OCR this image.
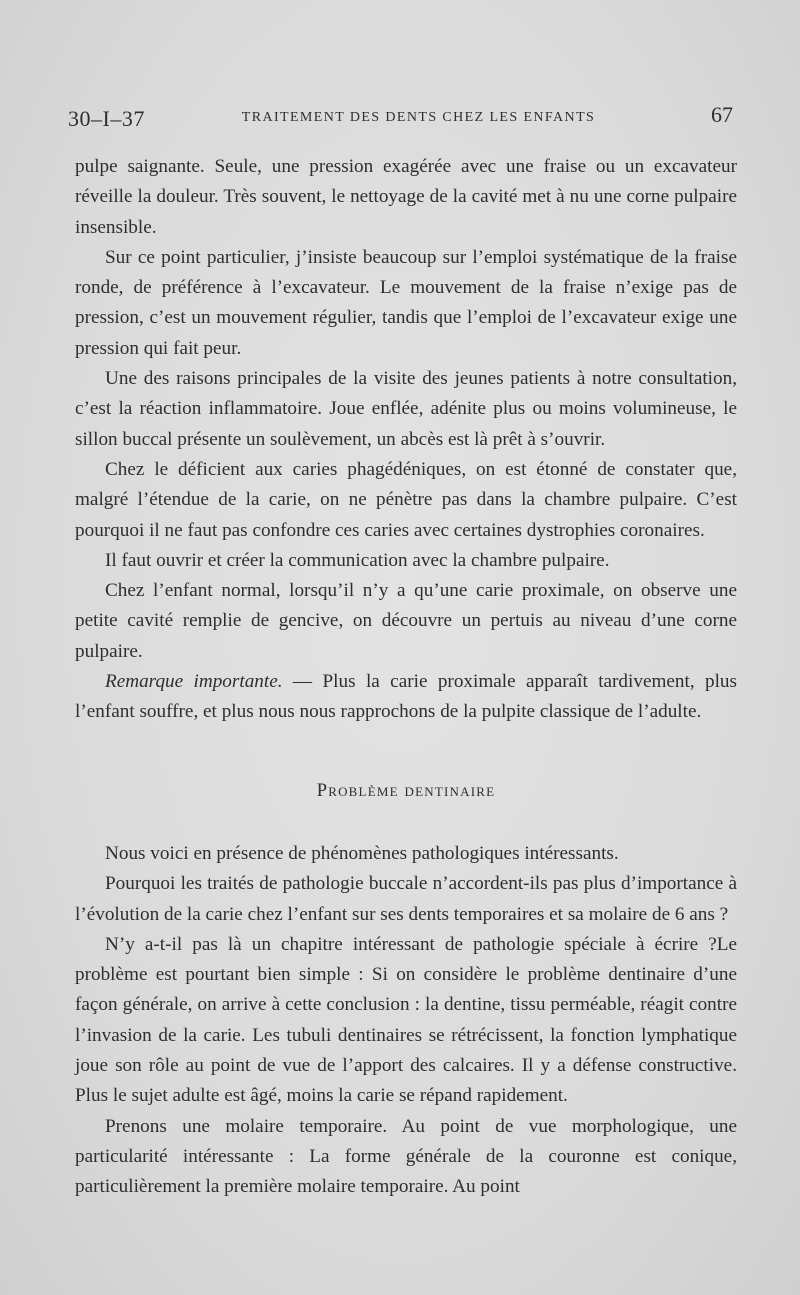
30–I–37	TRAITEMENT DES DENTS CHEZ LES ENFANTS	67

pulpe saignante. Seule, une pression exagérée avec une fraise ou un excavateur réveille la douleur. Très souvent, le nettoyage de la cavité met à nu une corne pulpaire insensible.

Sur ce point particulier, j’insiste beaucoup sur l’emploi systématique de la fraise ronde, de préférence à l’excavateur. Le mouvement de la fraise n’exige pas de pression, c’est un mouvement régulier, tandis que l’emploi de l’excavateur exige une pression qui fait peur.

Une des raisons principales de la visite des jeunes patients à notre consultation, c’est la réaction inflammatoire. Joue enflée, adénite plus ou moins volumineuse, le sillon buccal présente un soulèvement, un abcès est là prêt à s’ouvrir.

Chez le déficient aux caries phagédéniques, on est étonné de constater que, malgré l’étendue de la carie, on ne pénètre pas dans la chambre pulpaire. C’est pourquoi il ne faut pas confondre ces caries avec certaines dystrophies coronaires.

Il faut ouvrir et créer la communication avec la chambre pulpaire.

Chez l’enfant normal, lorsqu’il n’y a qu’une carie proximale, on observe une petite cavité remplie de gencive, on découvre un pertuis au niveau d’une corne pulpaire.

Remarque importante. — Plus la carie proximale apparaît tardivement, plus l’enfant souffre, et plus nous nous rapprochons de la pulpite classique de l’adulte.

Problème dentinaire

Nous voici en présence de phénomènes pathologiques intéressants.

Pourquoi les traités de pathologie buccale n’accordent-ils pas plus d’importance à l’évolution de la carie chez l’enfant sur ses dents temporaires et sa molaire de 6 ans ?

N’y a-t-il pas là un chapitre intéressant de pathologie spéciale à écrire ?Le problème est pourtant bien simple : Si on considère le problème dentinaire d’une façon générale, on arrive à cette conclusion : la dentine, tissu perméable, réagit contre l’invasion de la carie. Les tubuli dentinaires se rétrécissent, la fonction lymphatique joue son rôle au point de vue de l’apport des calcaires. Il y a défense constructive. Plus le sujet adulte est âgé, moins la carie se répand rapidement.

Prenons une molaire temporaire. Au point de vue morphologique, une particularité intéressante : La forme générale de la couronne est conique, particulièrement la première molaire temporaire. Au point
